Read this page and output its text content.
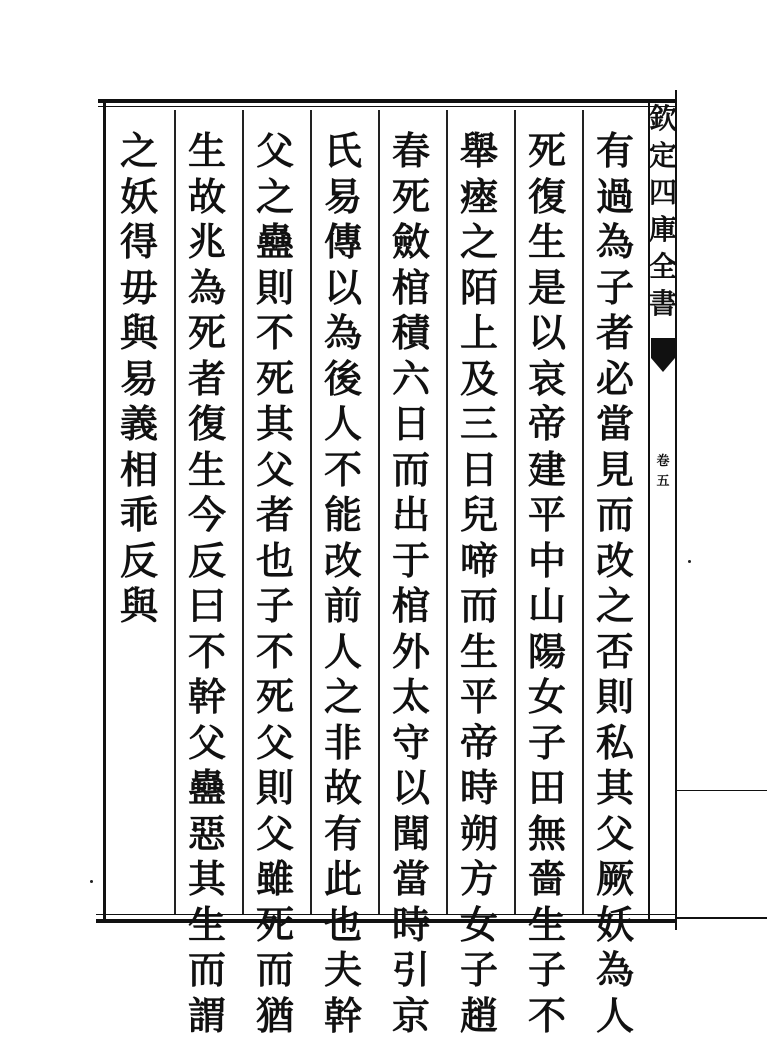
有
過
為
子
者
必
當
見
而
改
之
否
則
私
其
父
厥
妖
為
人
死
復
生
是
以
哀
帝
建
平
中
山
陽
女
子
田
無
嗇
生
子
不
舉
瘞
之
陌
上
及
三
日
兒
啼
而
生
平
帝
時
朔
方
女
子
趙
春
死
斂
棺
積
六
日
而
出
于
棺
外
太
守
以
聞
當
時
引
京
氏
易
傳
以
為
後
人
不
能
改
前
人
之
非
故
有
此
也
夫
幹
父
之
蠱
則
不
死
其
父
者
也
子
不
死
父
則
父
雖
死
而
猶
生
故
兆
為
死
者
復
生
今
反
曰
不
幹
父
蠱
惡
其
生
而
謂
之
妖
得
毋
與
易
義
相
乖
反
與
欽
定
四
庫
全
書
卷
五
